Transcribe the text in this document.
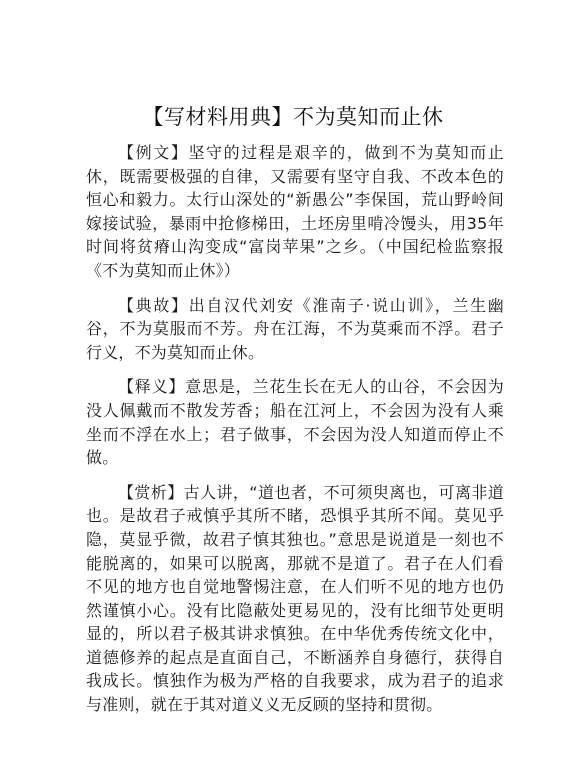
【写材料用典】不为莫知而止休

【例文】坚守的过程是艰辛的，做到不为莫知而止休，既需要极强的自律，又需要有坚守自我、不改本色的恒心和毅力。太行山深处的“新愚公”李保国，荒山野岭间嫁接试验，暴雨中抢修梯田，土坯房里啃冷馒头，用35年时间将贫瘠山沟变成“富岗苹果”之乡。（中国纪检监察报《不为莫知而止休》）

【典故】出自汉代刘安《淮南子·说山训》，兰生幽谷，不为莫服而不芳。舟在江海，不为莫乘而不浮。君子行义，不为莫知而止休。

【释义】意思是，兰花生长在无人的山谷，不会因为没人佩戴而不散发芳香；船在江河上，不会因为没有人乘坐而不浮在水上；君子做事，不会因为没人知道而停止不做。

【赏析】古人讲，“道也者，不可须臾离也，可离非道也。是故君子戒慎乎其所不睹，恐惧乎其所不闻。莫见乎隐，莫显乎微，故君子慎其独也。”意思是说道是一刻也不能脱离的，如果可以脱离，那就不是道了。君子在人们看不见的地方也自觉地警惕注意，在人们听不见的地方也仍然谨慎小心。没有比隐蔽处更易见的，没有比细节处更明显的，所以君子极其讲求慎独。在中华优秀传统文化中，道德修养的起点是直面自己，不断涵养自身德行，获得自我成长。慎独作为极为严格的自我要求，成为君子的追求与准则，就在于其对道义义无反顾的坚持和贯彻。
